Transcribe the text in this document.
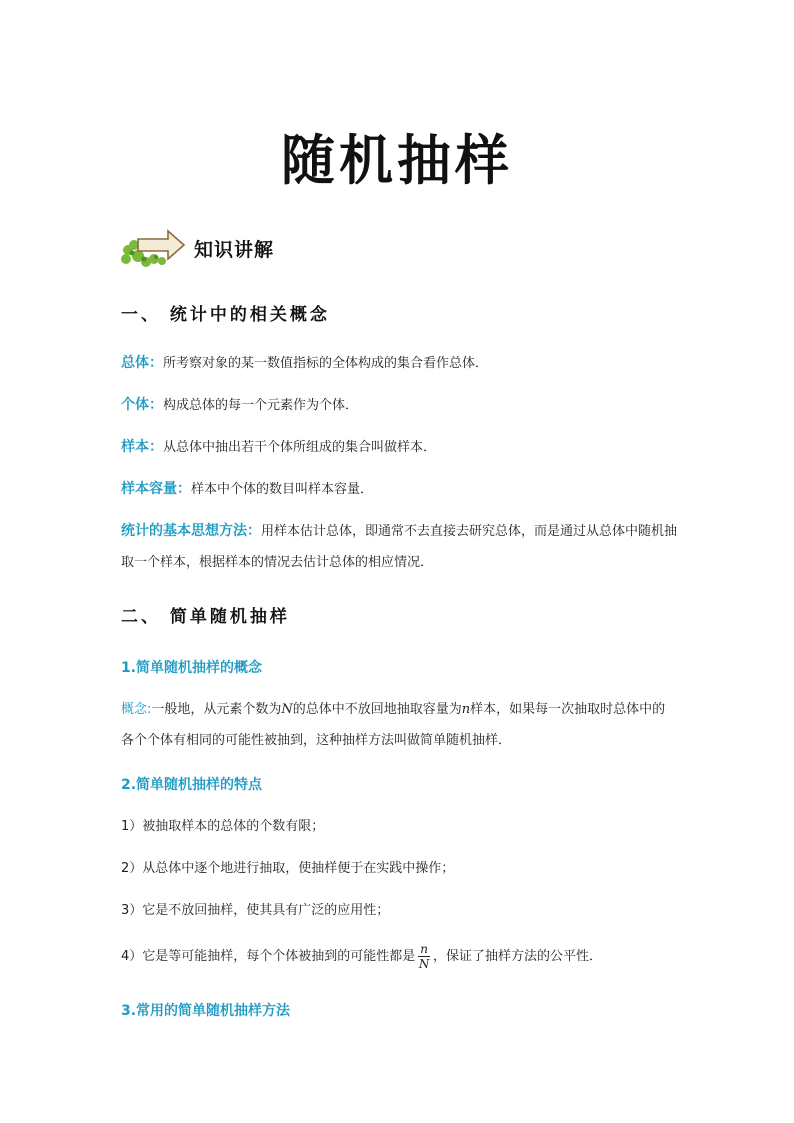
随机抽样
知识讲解
一、 统计中的相关概念
总体：所考察对象的某一数值指标的全体构成的集合看作总体．
个体：构成总体的每一个元素作为个体．
样本：从总体中抽出若干个体所组成的集合叫做样本．
样本容量：样本中个体的数目叫样本容量．
统计的基本思想方法：用样本估计总体，即通常不去直接去研究总体，而是通过从总体中随机抽取一个样本，根据样本的情况去估计总体的相应情况．
二、 简单随机抽样
1.简单随机抽样的概念
概念:一般地，从元素个数为N的总体中不放回地抽取容量为n样本，如果每一次抽取时总体中的各个个体有相同的可能性被抽到，这种抽样方法叫做简单随机抽样．
2.简单随机抽样的特点
1）被抽取样本的总体的个数有限；
2）从总体中逐个地进行抽取，使抽样便于在实践中操作；
3）它是不放回抽样，使其具有广泛的应用性；
4）它是等可能抽样，每个个体被抽到的可能性都是 $\frac{n}{N}$ ，保证了抽样方法的公平性．
3.常用的简单随机抽样方法
